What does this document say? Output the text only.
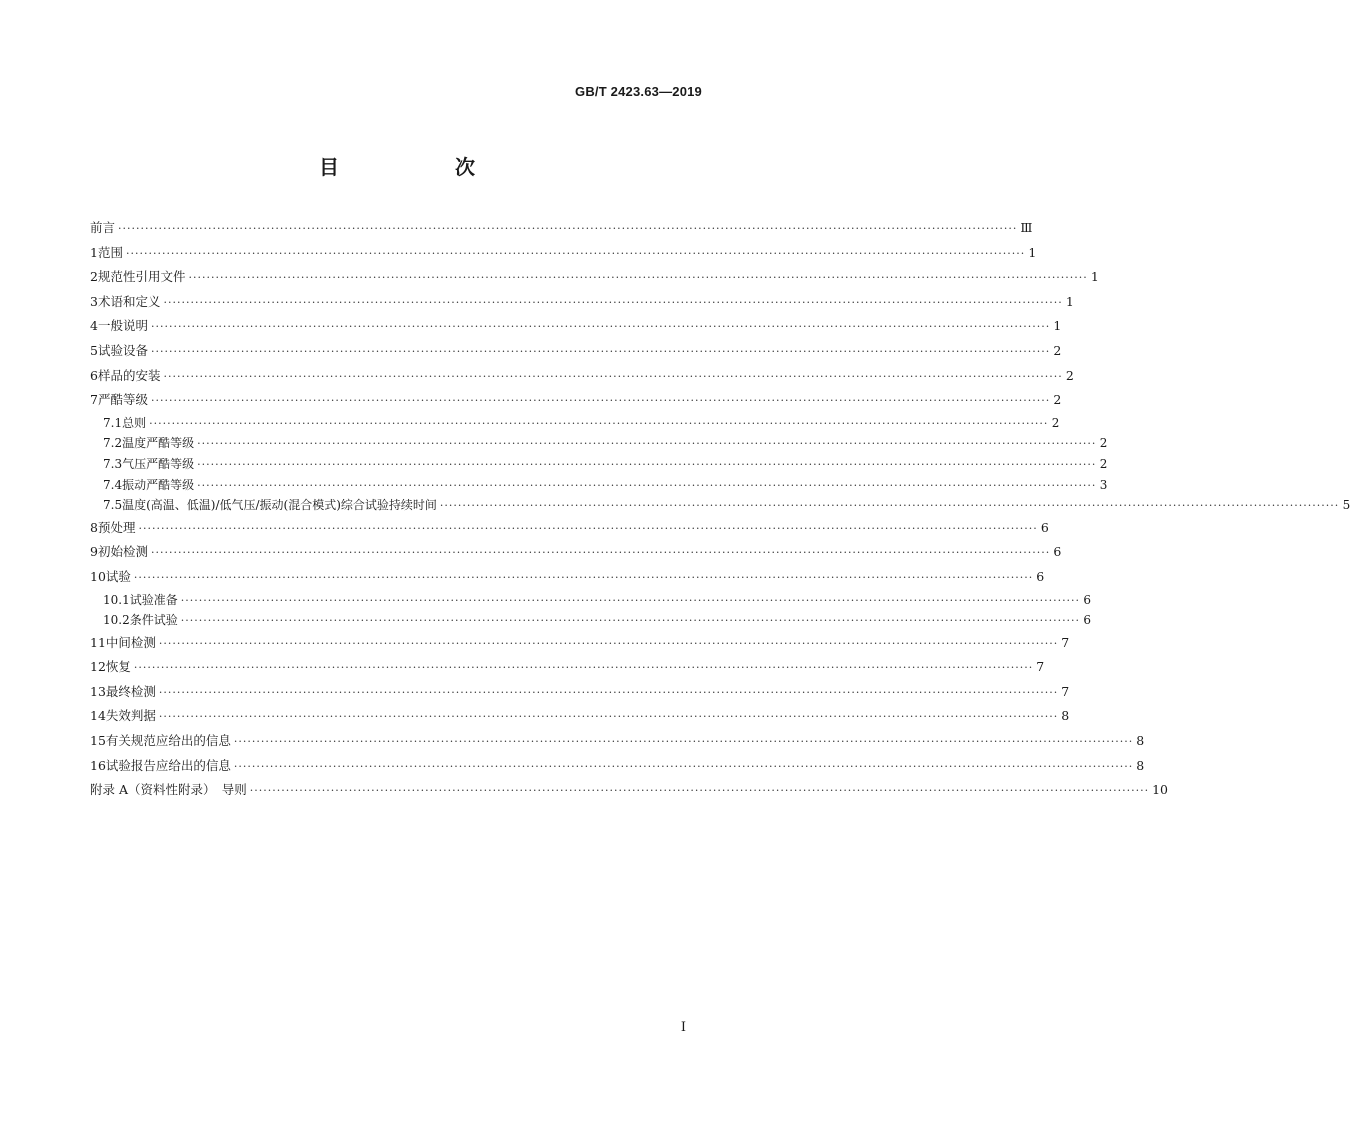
GB/T 2423.63—2019
目　次
前言 ········································································································································································································ Ⅲ
1 范围 ········································································································································································································ 1
2 规范性引用文件 ········································································································································································································ 1
3 术语和定义 ········································································································································································································ 1
4 一般说明 ········································································································································································································ 1
5 试验设备 ········································································································································································································ 2
6 样品的安装 ········································································································································································································ 2
7 严酷等级 ········································································································································································································ 2
7.1 总则 ········································································································································································································ 2
7.2 温度严酷等级 ········································································································································································································ 2
7.3 气压严酷等级 ········································································································································································································ 2
7.4 振动严酷等级 ········································································································································································································ 3
7.5 温度(高温、低温)/低气压/振动(混合模式)综合试验持续时间 ········································································································································································································ 5
8 预处理 ········································································································································································································ 6
9 初始检测 ········································································································································································································ 6
10 试验 ········································································································································································································ 6
10.1 试验准备 ········································································································································································································ 6
10.2 条件试验 ········································································································································································································ 6
11 中间检测 ········································································································································································································ 7
12 恢复 ········································································································································································································ 7
13 最终检测 ········································································································································································································ 7
14 失效判据 ········································································································································································································ 8
15 有关规范应给出的信息 ········································································································································································································ 8
16 试验报告应给出的信息 ········································································································································································································ 8
附录 A（资料性附录）　导则 ········································································································································································································ 10
I
